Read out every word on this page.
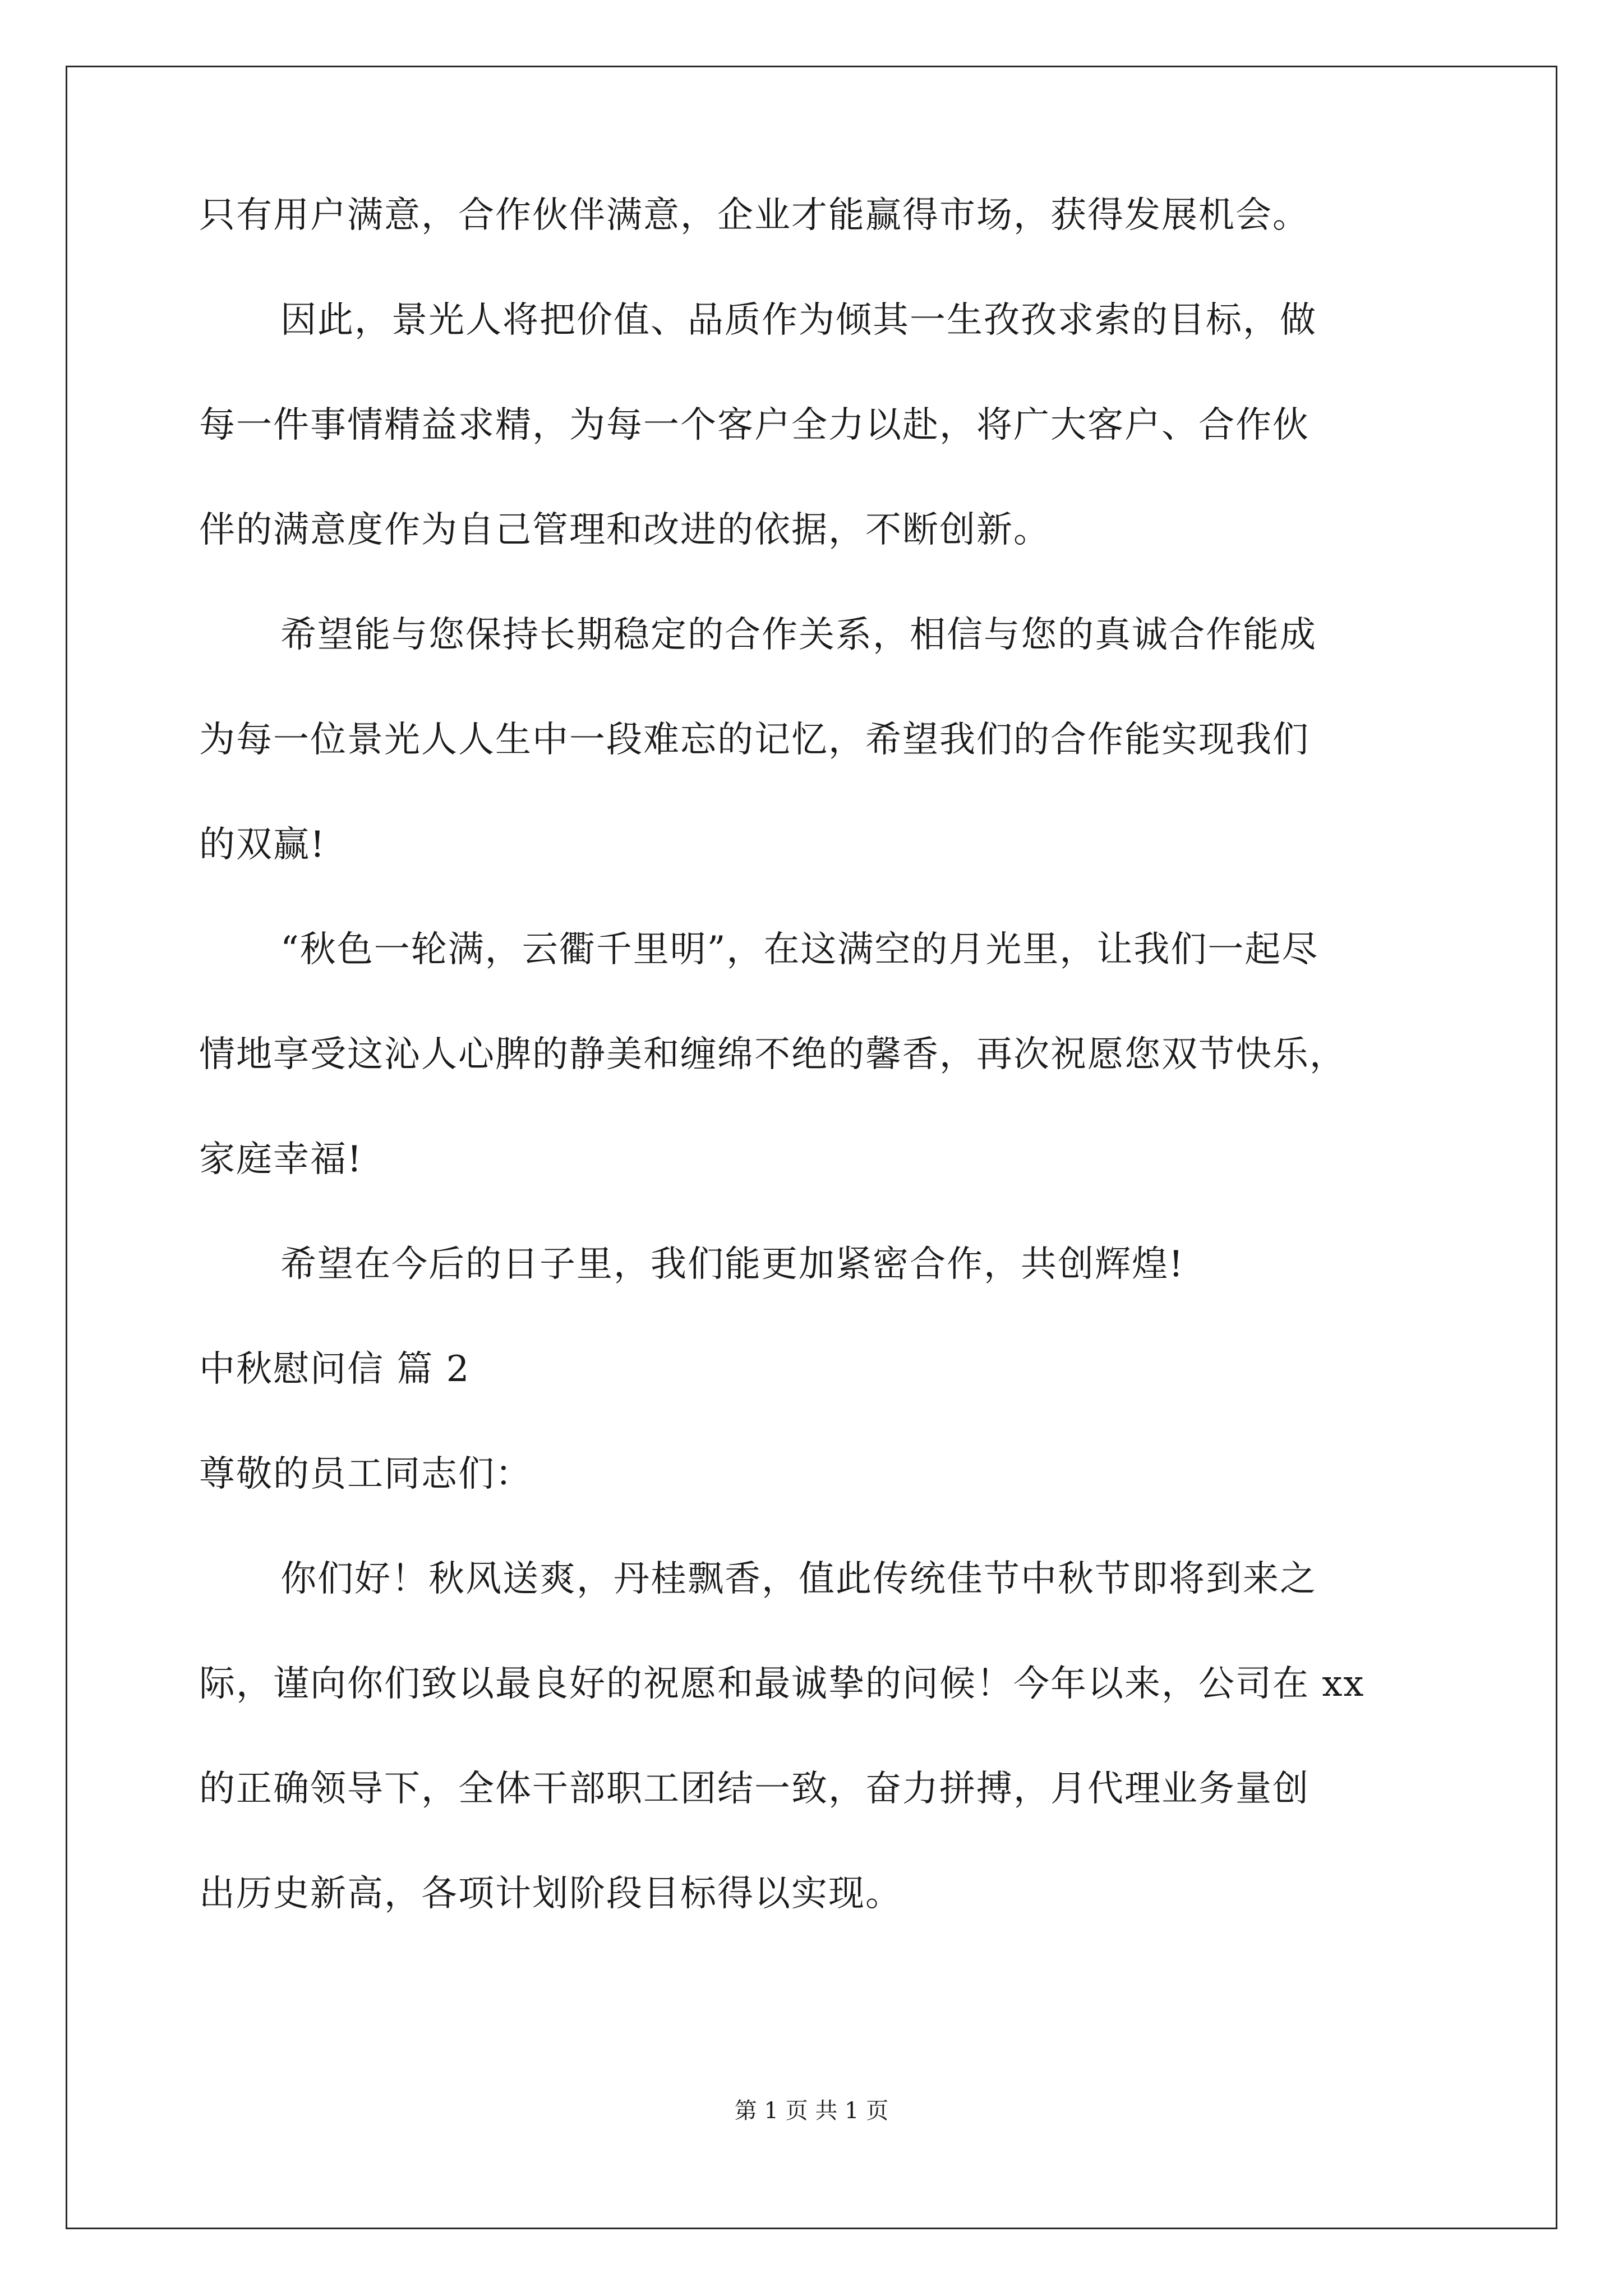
只有用户满意，合作伙伴满意，企业才能赢得市场，获得发展机会。
因此，景光人将把价值、品质作为倾其一生孜孜求索的目标，做
每一件事情精益求精，为每一个客户全力以赴，将广大客户、合作伙
伴的满意度作为自己管理和改进的依据，不断创新。
希望能与您保持长期稳定的合作关系，相信与您的真诚合作能成
为每一位景光人人生中一段难忘的记忆，希望我们的合作能实现我们
的双赢!
“秋色一轮满，云衢千里明”，在这满空的月光里，让我们一起尽
情地享受这沁人心脾的静美和缠绵不绝的馨香，再次祝愿您双节快乐，
家庭幸福!
希望在今后的日子里，我们能更加紧密合作，共创辉煌!
中秋慰问信 篇 2
尊敬的员工同志们：
你们好！秋风送爽，丹桂飘香，值此传统佳节中秋节即将到来之
际，谨向你们致以最良好的祝愿和最诚挚的问候！今年以来，公司在 xx
的正确领导下，全体干部职工团结一致，奋力拼搏，月代理业务量创
出历史新高，各项计划阶段目标得以实现。
第 1 页 共 1 页
